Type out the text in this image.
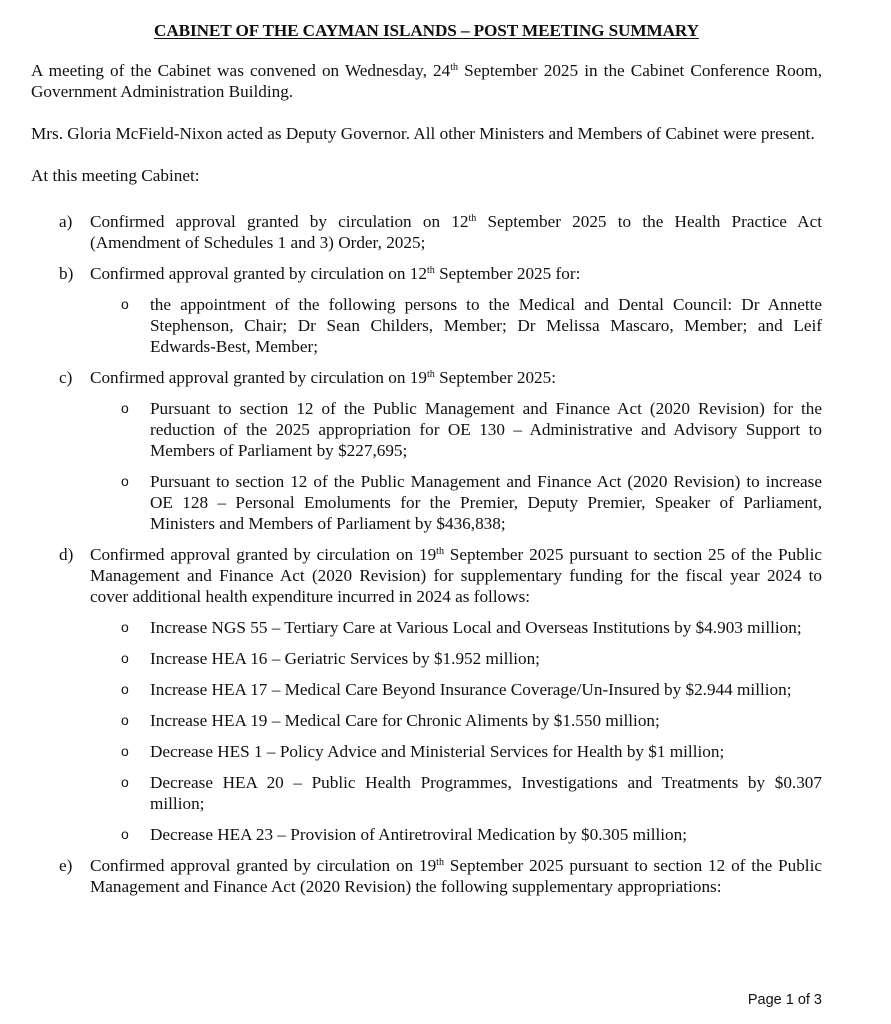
CABINET OF THE CAYMAN ISLANDS – POST MEETING SUMMARY

A meeting of the Cabinet was convened on Wednesday, 24th September 2025 in the Cabinet Conference Room, Government Administration Building.

Mrs. Gloria McField-Nixon acted as Deputy Governor. All other Ministers and Members of Cabinet were present.

At this meeting Cabinet:

a) Confirmed approval granted by circulation on 12th September 2025 to the Health Practice Act (Amendment of Schedules 1 and 3) Order, 2025;
b) Confirmed approval granted by circulation on 12th September 2025 for:
o the appointment of the following persons to the Medical and Dental Council: Dr Annette Stephenson, Chair; Dr Sean Childers, Member; Dr Melissa Mascaro, Member; and Leif Edwards-Best, Member;
c) Confirmed approval granted by circulation on 19th September 2025:
o Pursuant to section 12 of the Public Management and Finance Act (2020 Revision) for the reduction of the 2025 appropriation for OE 130 – Administrative and Advisory Support to Members of Parliament by $227,695;
o Pursuant to section 12 of the Public Management and Finance Act (2020 Revision) to increase OE 128 – Personal Emoluments for the Premier, Deputy Premier, Speaker of Parliament, Ministers and Members of Parliament by $436,838;
d) Confirmed approval granted by circulation on 19th September 2025 pursuant to section 25 of the Public Management and Finance Act (2020 Revision) for supplementary funding for the fiscal year 2024 to cover additional health expenditure incurred in 2024 as follows:
o Increase NGS 55 – Tertiary Care at Various Local and Overseas Institutions by $4.903 million;
o Increase HEA 16 – Geriatric Services by $1.952 million;
o Increase HEA 17 – Medical Care Beyond Insurance Coverage/Un-Insured by $2.944 million;
o Increase HEA 19 – Medical Care for Chronic Aliments by $1.550 million;
o Decrease HES 1 – Policy Advice and Ministerial Services for Health by $1 million;
o Decrease HEA 20 – Public Health Programmes, Investigations and Treatments by $0.307 million;
o Decrease HEA 23 – Provision of Antiretroviral Medication by $0.305 million;
e) Confirmed approval granted by circulation on 19th September 2025 pursuant to section 12 of the Public Management and Finance Act (2020 Revision) the following supplementary appropriations:
Page 1 of 3
